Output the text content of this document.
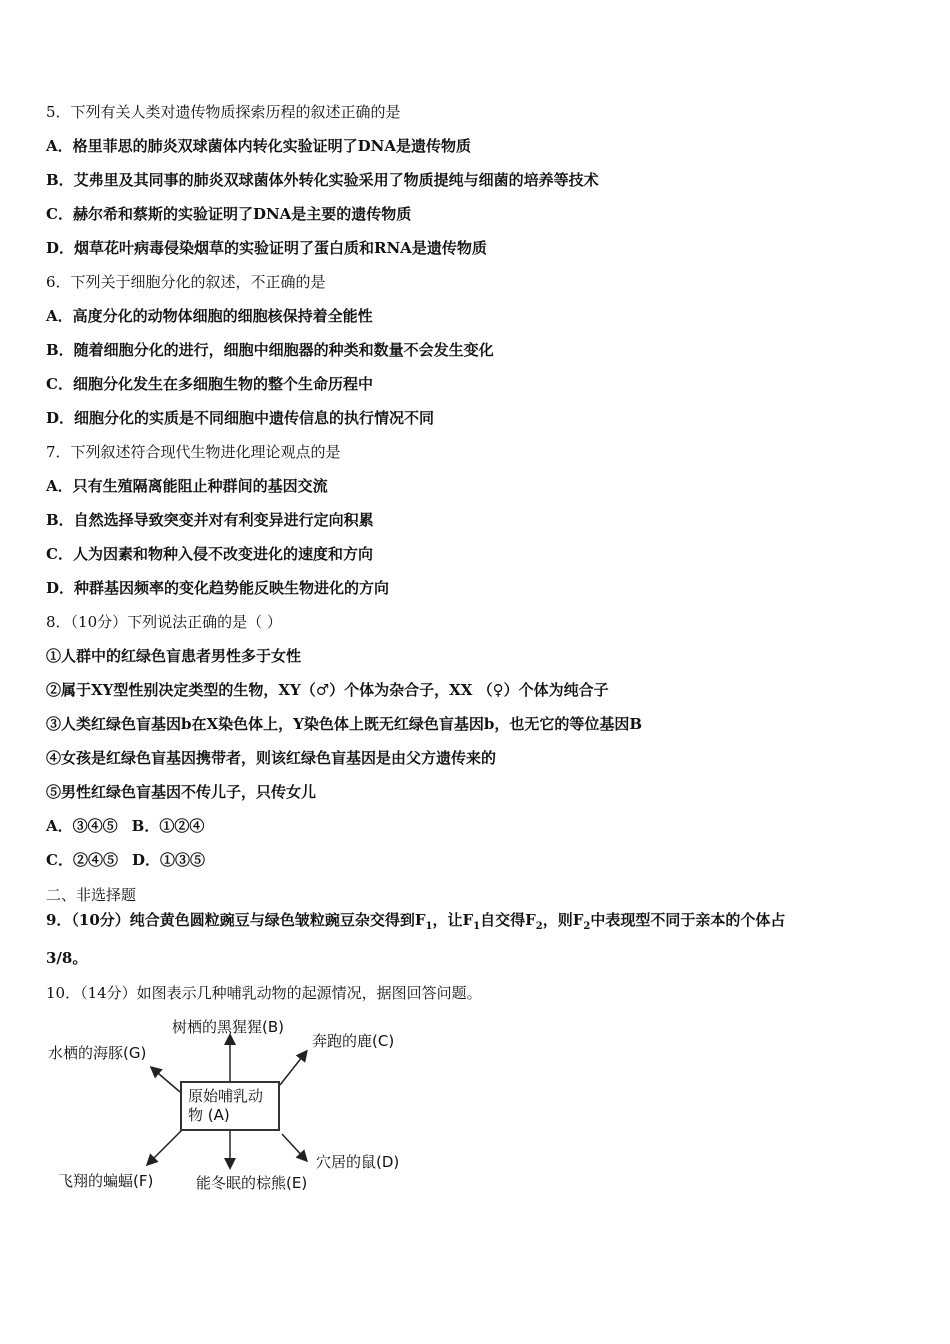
5．下列有关人类对遗传物质探索历程的叙述正确的是
A．格里菲思的肺炎双球菌体内转化实验证明了DNA是遗传物质
B．艾弗里及其同事的肺炎双球菌体外转化实验采用了物质提纯与细菌的培养等技术
C．赫尔希和蔡斯的实验证明了DNA是主要的遗传物质
D．烟草花叶病毒侵染烟草的实验证明了蛋白质和RNA是遗传物质
6．下列关于细胞分化的叙述，不正确的是
A．高度分化的动物体细胞的细胞核保持着全能性
B．随着细胞分化的进行，细胞中细胞器的种类和数量不会发生变化
C．细胞分化发生在多细胞生物的整个生命历程中
D．细胞分化的实质是不同细胞中遗传信息的执行情况不同
7．下列叙述符合现代生物进化理论观点的是
A．只有生殖隔离能阻止种群间的基因交流
B．自然选择导致突变并对有利变异进行定向积累
C．人为因素和物种入侵不改变进化的速度和方向
D．种群基因频率的变化趋势能反映生物进化的方向
8．（10分）下列说法正确的是（ ）
①人群中的红绿色盲患者男性多于女性
②属于XY型性别决定类型的生物，XY（♂）个体为杂合子，XX （♀）个体为纯合子
③人类红绿色盲基因b在X染色体上，Y染色体上既无红绿色盲基因b，也无它的等位基因B
④女孩是红绿色盲基因携带者，则该红绿色盲基因是由父方遗传来的
⑤男性红绿色盲基因不传儿子，只传女儿
A．③④⑤ B．①②④
C．②④⑤ D．①③⑤
二、非选择题
9．（10分）纯合黄色圆粒豌豆与绿色皱粒豌豆杂交得到$F_1$，让$F_1$自交得$F_2$，则$F_2$中表现型不同于亲本的个体占
3/8。
10．（14分）如图表示几种哺乳动物的起源情况，据图回答问题。
原始哺乳动
物 (A)
树栖的黑猩猩(B)
奔跑的鹿(C)
水栖的海豚(G)
穴居的鼠(D)
能冬眠的棕熊(E)
飞翔的蝙蝠(F)
